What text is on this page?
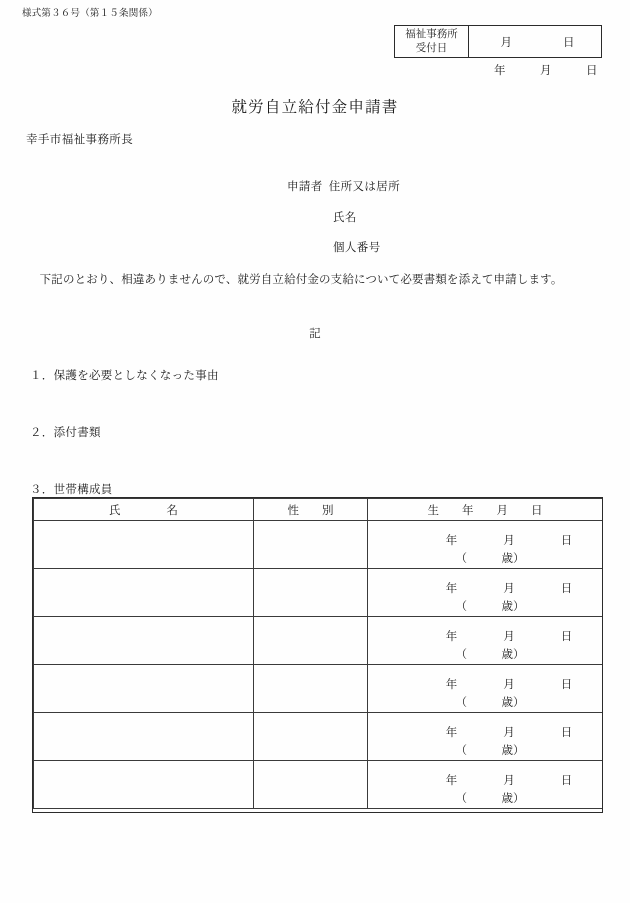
様式第３６号（第１５条関係）
福祉事務所
受付日	月　　　　日
年　　　月　　　日
就労自立給付金申請書
幸手市福祉事務所長
申請者 住所又は居所
氏名
個人番号
　下記のとおり、相違ありませんので、就労自立給付金の支給について必要書類を添えて申請します。
記
１．保護を必要としなくなった事由
２．添付書類
３．世帯構成員
氏　　　　名	性　　別	生　　年　　月　　日

		年　　　　月　　　　日
（　　　歳）

		年　　　　月　　　　日
（　　　歳）

		年　　　　月　　　　日
（　　　歳）

		年　　　　月　　　　日
（　　　歳）

		年　　　　月　　　　日
（　　　歳）

		年　　　　月　　　　日
（　　　歳）
